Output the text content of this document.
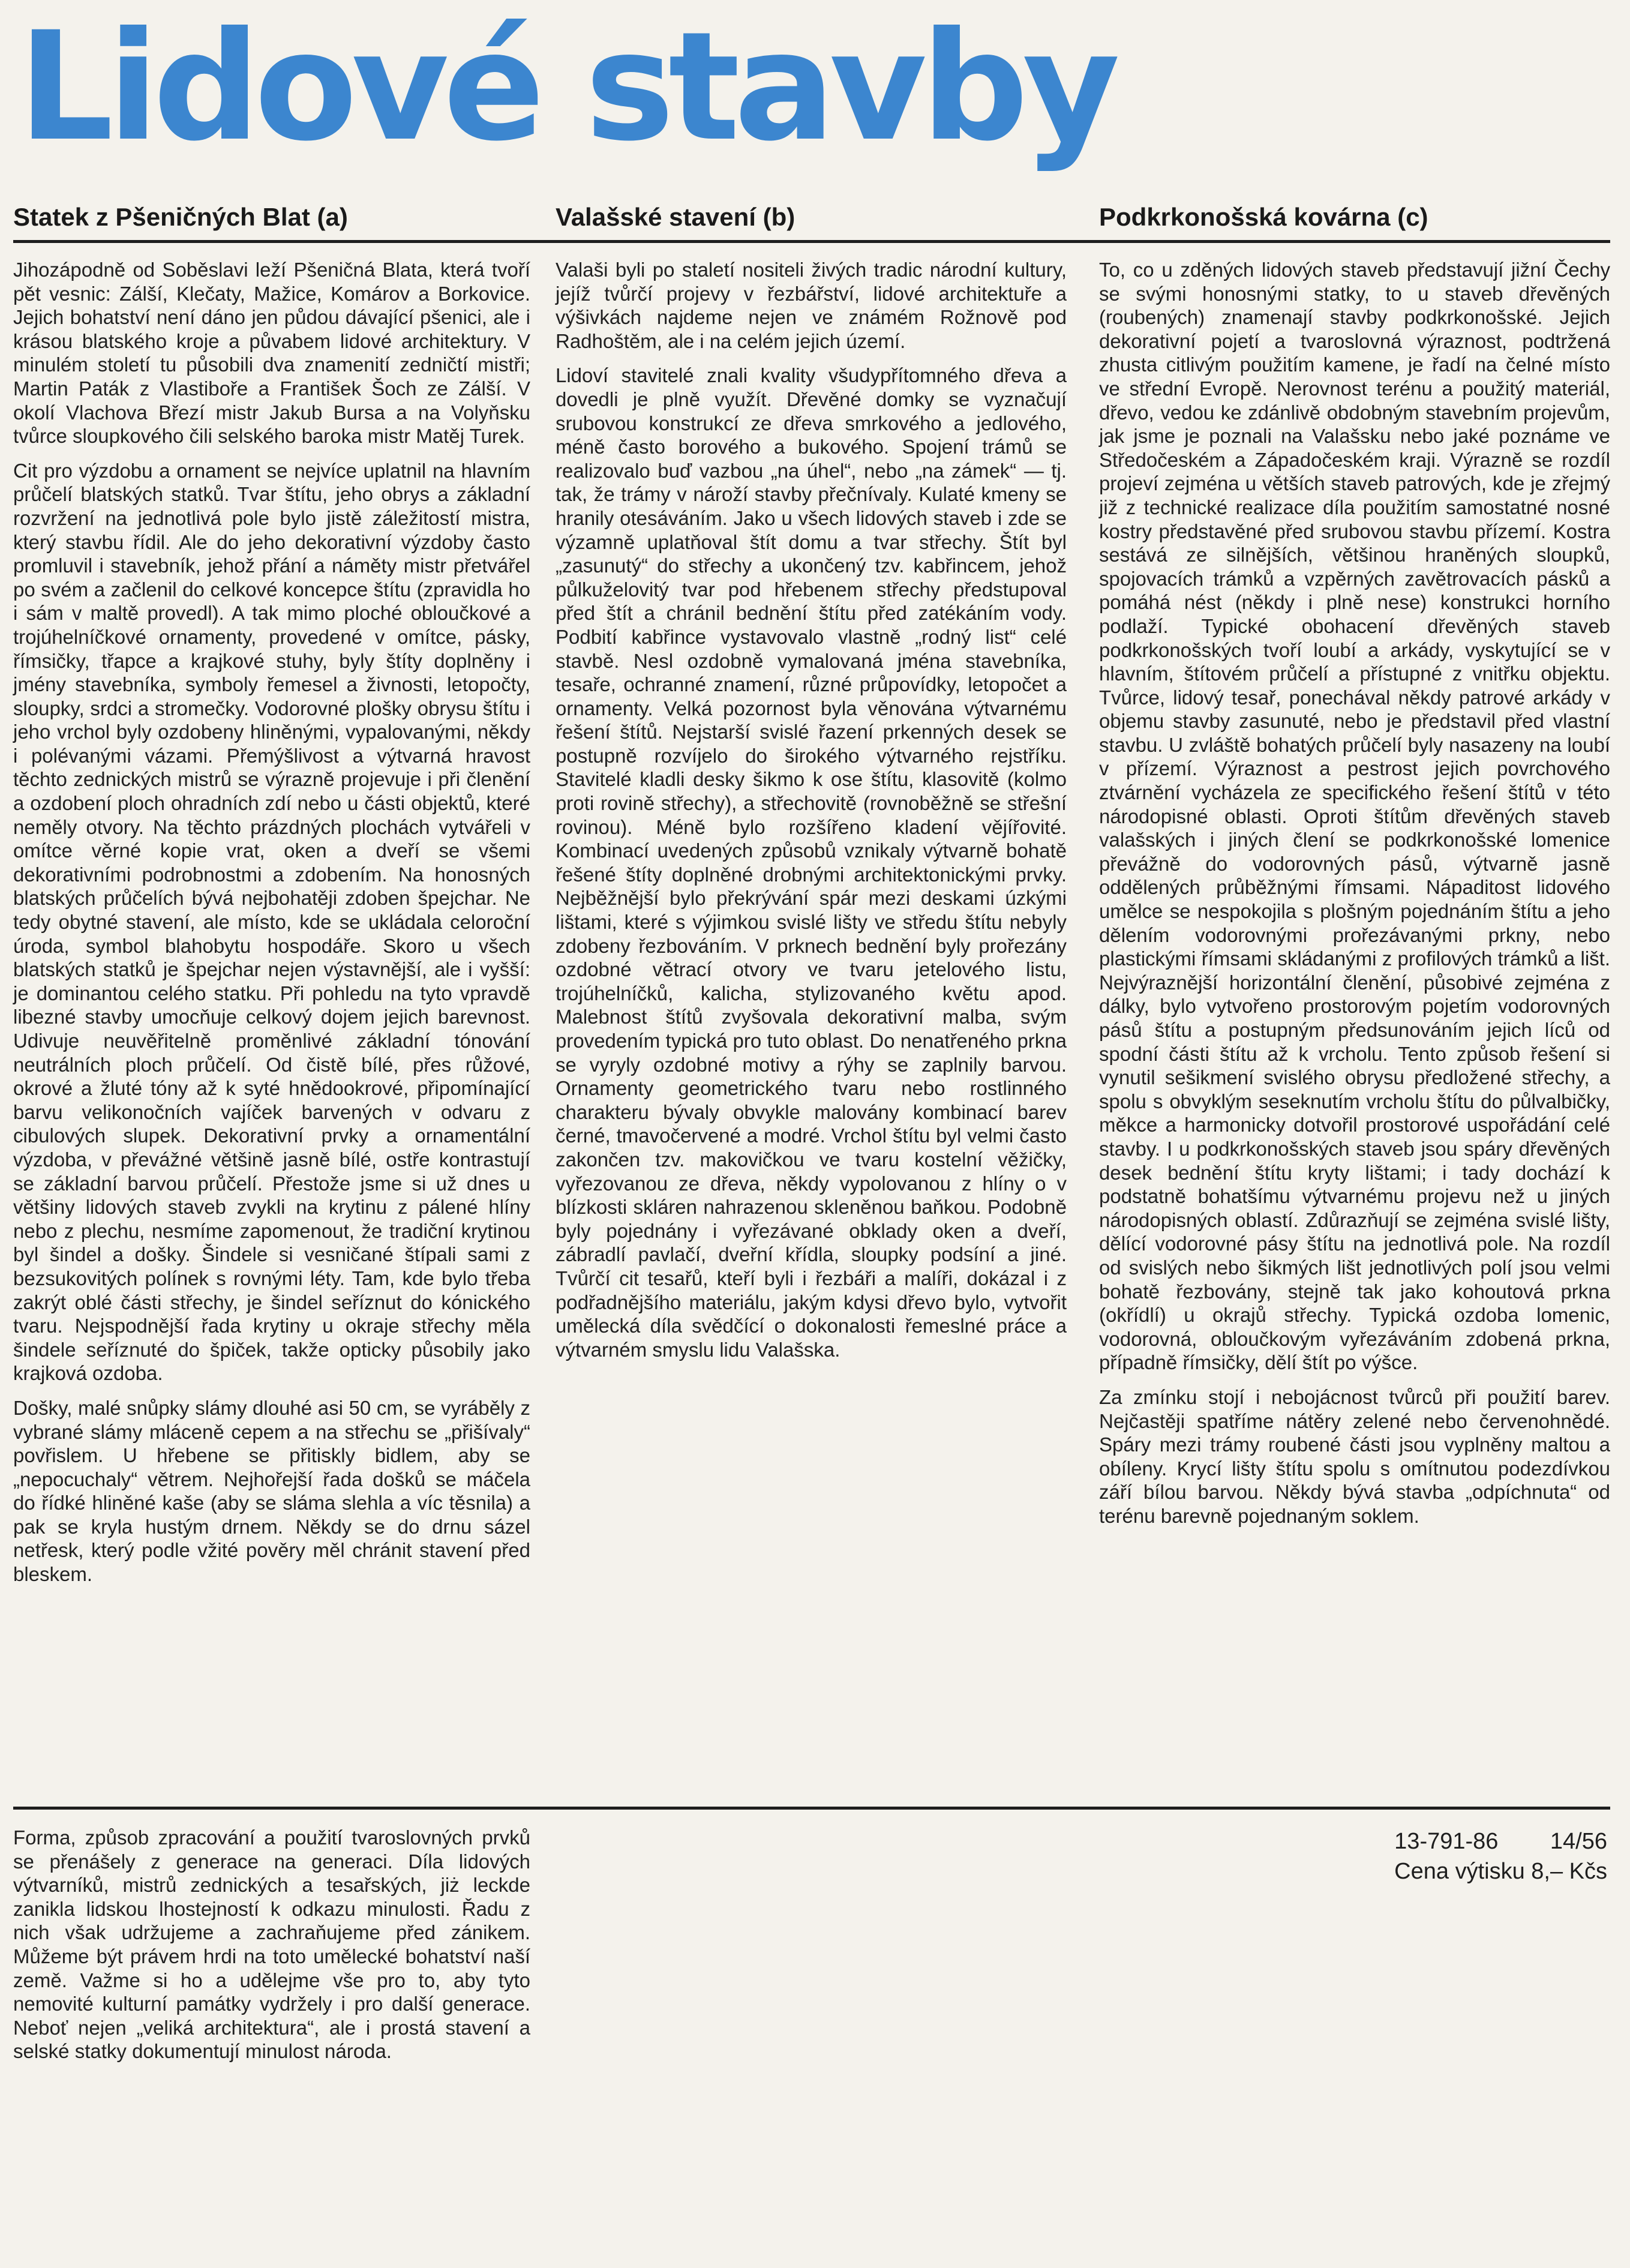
Lidové stavby
Statek z Pšeničných Blat (a)	Valašské stavení (b)	Podkrkonošská kovárna (c)

Jihozápodně od Soběslavi leží Pšeničná Blata, která tvoří pět vesnic: Zálší, Klečaty, Mažice, Komárov a Borkovice. Jejich bohatství není dáno jen půdou dávající pšenici, ale i krásou blatského kroje a půvabem lidové architektury. V minulém století tu působili dva znamenití zedničtí mistři; Martin Paták z Vlastiboře a František Šoch ze Zálší. V okolí Vlachova Březí mistr Jakub Bursa a na Volyňsku tvůrce sloupkového čili selského baroka mistr Matěj Turek.

Cit pro výzdobu a ornament se nejvíce uplatnil na hlavním průčelí blatských statků. Tvar štítu, jeho obrys a základní rozvržení na jednotlivá pole bylo jistě záležitostí mistra, který stavbu řídil. Ale do jeho dekorativní výzdoby často promluvil i stavebník, jehož přání a náměty mistr přetvářel po svém a začlenil do celkové koncepce štítu (zpravidla ho i sám v maltě provedl). A tak mimo ploché obloučkové a trojúhelníčkové ornamenty, provedené v omítce, pásky, římsičky, třapce a krajkové stuhy, byly štíty doplněny i jmény stavebníka, symboly řemesel a živnosti, letopočty, sloupky, srdci a stromečky. Vodorovné plošky obrysu štítu i jeho vrchol byly ozdobeny hliněnými, vypalovanými, někdy i polévanými vázami. Přemýšlivost a výtvarná hravost těchto zednických mistrů se výrazně projevuje i při členění a ozdobení ploch ohradních zdí nebo u části objektů, které neměly otvory. Na těchto prázdných plochách vytvářeli v omítce věrné kopie vrat, oken a dveří se všemi dekorativními podrobnostmi a zdobením. Na honosných blatských průčelích bývá nejbohatěji zdoben špejchar. Ne tedy obytné stavení, ale místo, kde se ukládala celoroční úroda, symbol blahobytu hospodáře. Skoro u všech blatských statků je špejchar nejen výstavnější, ale i vyšší: je dominantou celého statku. Při pohledu na tyto vpravdě libezné stavby umocňuje celkový dojem jejich barevnost. Udivuje neuvěřitelně proměnlivé základní tónování neutrálních ploch průčelí. Od čistě bílé, přes růžové, okrové a žluté tóny až k syté hnědookrové, připomínající barvu velikonočních vajíček barvených v odvaru z cibulových slupek. Dekorativní prvky a ornamentální výzdoba, v převážné většině jasně bílé, ostře kontrastují se základní barvou průčelí. Přestože jsme si už dnes u většiny lidových staveb zvykli na krytinu z pálené hlíny nebo z plechu, nesmíme zapomenout, že tradiční krytinou byl šindel a došky. Šindele si vesničané štípali sami z bezsukovitých polínek s rovnými léty. Tam, kde bylo třeba zakrýt oblé části střechy, je šindel seříznut do kónického tvaru. Nejspodnější řada krytiny u okraje střechy měla šindele seříznuté do špiček, takže opticky působily jako krajková ozdoba.

Došky, malé snůpky slámy dlouhé asi 50 cm, se vyráběly z vybrané slámy mláceně cepem a na střechu se „přišívaly“ povřislem. U hřebene se přitiskly bidlem, aby se „nepocuchaly“ větrem. Nejhořejší řada došků se máčela do řídké hliněné kaše (aby se sláma slehla a víc těsnila) a pak se kryla hustým drnem. Někdy se do drnu sázel netřesk, který podle vžité pověry měl chránit stavení před bleskem.

Valaši byli po staletí nositeli živých tradic národní kultury, jejíž tvůrčí projevy v řezbářství, lidové architektuře a výšivkách najdeme nejen ve známém Rožnově pod Radhoštěm, ale i na celém jejich území.

Lidoví stavitelé znali kvality všudypřítomného dřeva a dovedli je plně využít. Dřevěné domky se vyznačují srubovou konstrukcí ze dřeva smrkového a jedlového, méně často borového a bukového. Spojení trámů se realizovalo buď vazbou „na úhel“, nebo „na zámek“ — tj. tak, že trámy v nároží stavby přečnívaly. Kulaté kmeny se hranily otesáváním. Jako u všech lidových staveb i zde se výzamně uplatňoval štít domu a tvar střechy. Štít byl „zasunutý“ do střechy a ukončený tzv. kabřincem, jehož půlkuželovitý tvar pod hřebenem střechy předstupoval před štít a chránil bednění štítu před zatékáním vody. Podbití kabřince vystavovalo vlastně „rodný list“ celé stavbě. Nesl ozdobně vymalovaná jména stavebníka, tesaře, ochranné znamení, různé průpovídky, letopočet a ornamenty. Velká pozornost byla věnována výtvarnému řešení štítů. Nejstarší svislé řazení prkenných desek se postupně rozvíjelo do širokého výtvarného rejstříku. Stavitelé kladli desky šikmo k ose štítu, klasovitě (kolmo proti rovině střechy), a střechovitě (rovnoběžně se střešní rovinou). Méně bylo rozšířeno kladení vějířovité. Kombinací uvedených způsobů vznikaly výtvarně bohatě řešené štíty doplněné drobnými architektonickými prvky. Nejběžnější bylo překrývání spár mezi deskami úzkými lištami, které s výjimkou svislé lišty ve středu štítu nebyly zdobeny řezbováním. V prknech bednění byly prořezány ozdobné větrací otvory ve tvaru jetelového listu, trojúhelníčků, kalicha, stylizovaného květu apod. Malebnost štítů zvyšovala dekorativní malba, svým provedením typická pro tuto oblast. Do nenatřeného prkna se vyryly ozdobné motivy a rýhy se zaplnily barvou. Ornamenty geometrického tvaru nebo rostlinného charakteru bývaly obvykle malovány kombinací barev černé, tmavočervené a modré. Vrchol štítu byl velmi často zakončen tzv. makovičkou ve tvaru kostelní věžičky, vyřezovanou ze dřeva, někdy vypolovanou z hlíny o v blízkosti skláren nahrazenou skleněnou baňkou. Podobně byly pojednány i vyřezávané obklady oken a dveří, zábradlí pavlačí, dveřní křídla, sloupky podsíní a jiné. Tvůrčí cit tesařů, kteří byli i řezbáři a malíři, dokázal i z podřadnějšího materiálu, jakým kdysi dřevo bylo, vytvořit umělecká díla svědčící o dokonalosti řemeslné práce a výtvarném smyslu lidu Valašska.

To, co u zděných lidových staveb představují jižní Čechy se svými honosnými statky, to u staveb dřevěných (roubených) znamenají stavby podkrkonošské. Jejich dekorativní pojetí a tvaroslovná výraznost, podtržená zhusta citlivým použitím kamene, je řadí na čelné místo ve střední Evropě. Nerovnost terénu a použitý materiál, dřevo, vedou ke zdánlivě obdobným stavebním projevům, jak jsme je poznali na Valašsku nebo jaké poznáme ve Středočeském a Západočeském kraji. Výrazně se rozdíl projeví zejména u větších staveb patrových, kde je zřejmý již z technické realizace díla použitím samostatné nosné kostry představěné před srubovou stavbu přízemí. Kostra sestává ze silnějších, většinou hraněných sloupků, spojovacích trámků a vzpěrných zavětrovacích pásků a pomáhá nést (někdy i plně nese) konstrukci horního podlaží. Typické obohacení dřevěných staveb podkrkonošských tvoří loubí a arkády, vyskytující se v hlavním, štítovém průčelí a přístupné z vnitřku objektu. Tvůrce, lidový tesař, ponechával někdy patrové arkády v objemu stavby zasunuté, nebo je představil před vlastní stavbu. U zvláště bohatých průčelí byly nasazeny na loubí v přízemí. Výraznost a pestrost jejich povrchového ztvárnění vycházela ze specifického řešení štítů v této národopisné oblasti. Oproti štítům dřevěných staveb valašských i jiných člení se podkrkonošské lomenice převážně do vodorovných pásů, výtvarně jasně oddělených průběžnými římsami. Nápaditost lidového umělce se nespokojila s plošným pojednáním štítu a jeho dělením vodorovnými prořezávanými prkny, nebo plastickými římsami skládanými z profilových trámků a lišt. Nejvýraznější horizontální členění, působivé zejména z dálky, bylo vytvořeno prostorovým pojetím vodorovných pásů štítu a postupným předsunováním jejich líců od spodní části štítu až k vrcholu. Tento způsob řešení si vynutil sešikmení svislého obrysu předložené střechy, a spolu s obvyklým seseknutím vrcholu štítu do půlvalbičky, měkce a harmonicky dotvořil prostorové uspořádání celé stavby. I u podkrkonošských staveb jsou spáry dřevěných desek bednění štítu kryty lištami; i tady dochází k podstatně bohatšímu výtvarnému projevu než u jiných národopisných oblastí. Zdůrazňují se zejména svislé lišty, dělící vodorovné pásy štítu na jednotlivá pole. Na rozdíl od svislých nebo šikmých lišt jednotlivých polí jsou velmi bohatě řezbovány, stejně tak jako kohoutová prkna (okřídlí) u okrajů střechy. Typická ozdoba lomenic, vodorovná, obloučkovým vyřezáváním zdobená prkna, případně římsičky, dělí štít po výšce.

Za zmínku stojí i nebojácnost tvůrců při použití barev. Nejčastěji spatříme nátěry zelené nebo červenohnědé. Spáry mezi trámy roubené části jsou vyplněny maltou a obíleny. Krycí lišty štítu spolu s omítnutou podezdívkou září bílou barvou. Někdy bývá stavba „odpíchnuta“ od terénu barevně pojednaným soklem.

Forma, způsob zpracování a použití tvaroslovných prvků se přenášely z generace na generaci. Díla lidových výtvarníků, mistrů zednických a tesařských, jiż leckde zanikla lidskou lhostejností k odkazu minulosti. Řadu z nich však udržujeme a zachraňujeme před zánikem. Můžeme být právem hrdi na toto umělecké bohatství naší země. Važme si ho a udělejme vše pro to, aby tyto nemovité kulturní památky vydržely i pro další generace. Neboť nejen „veliká architektura“, ale i prostá stavení a selské statky dokumentují minulost národa.

13-791-86 14/56
Cena výtisku 8,– Kčs
